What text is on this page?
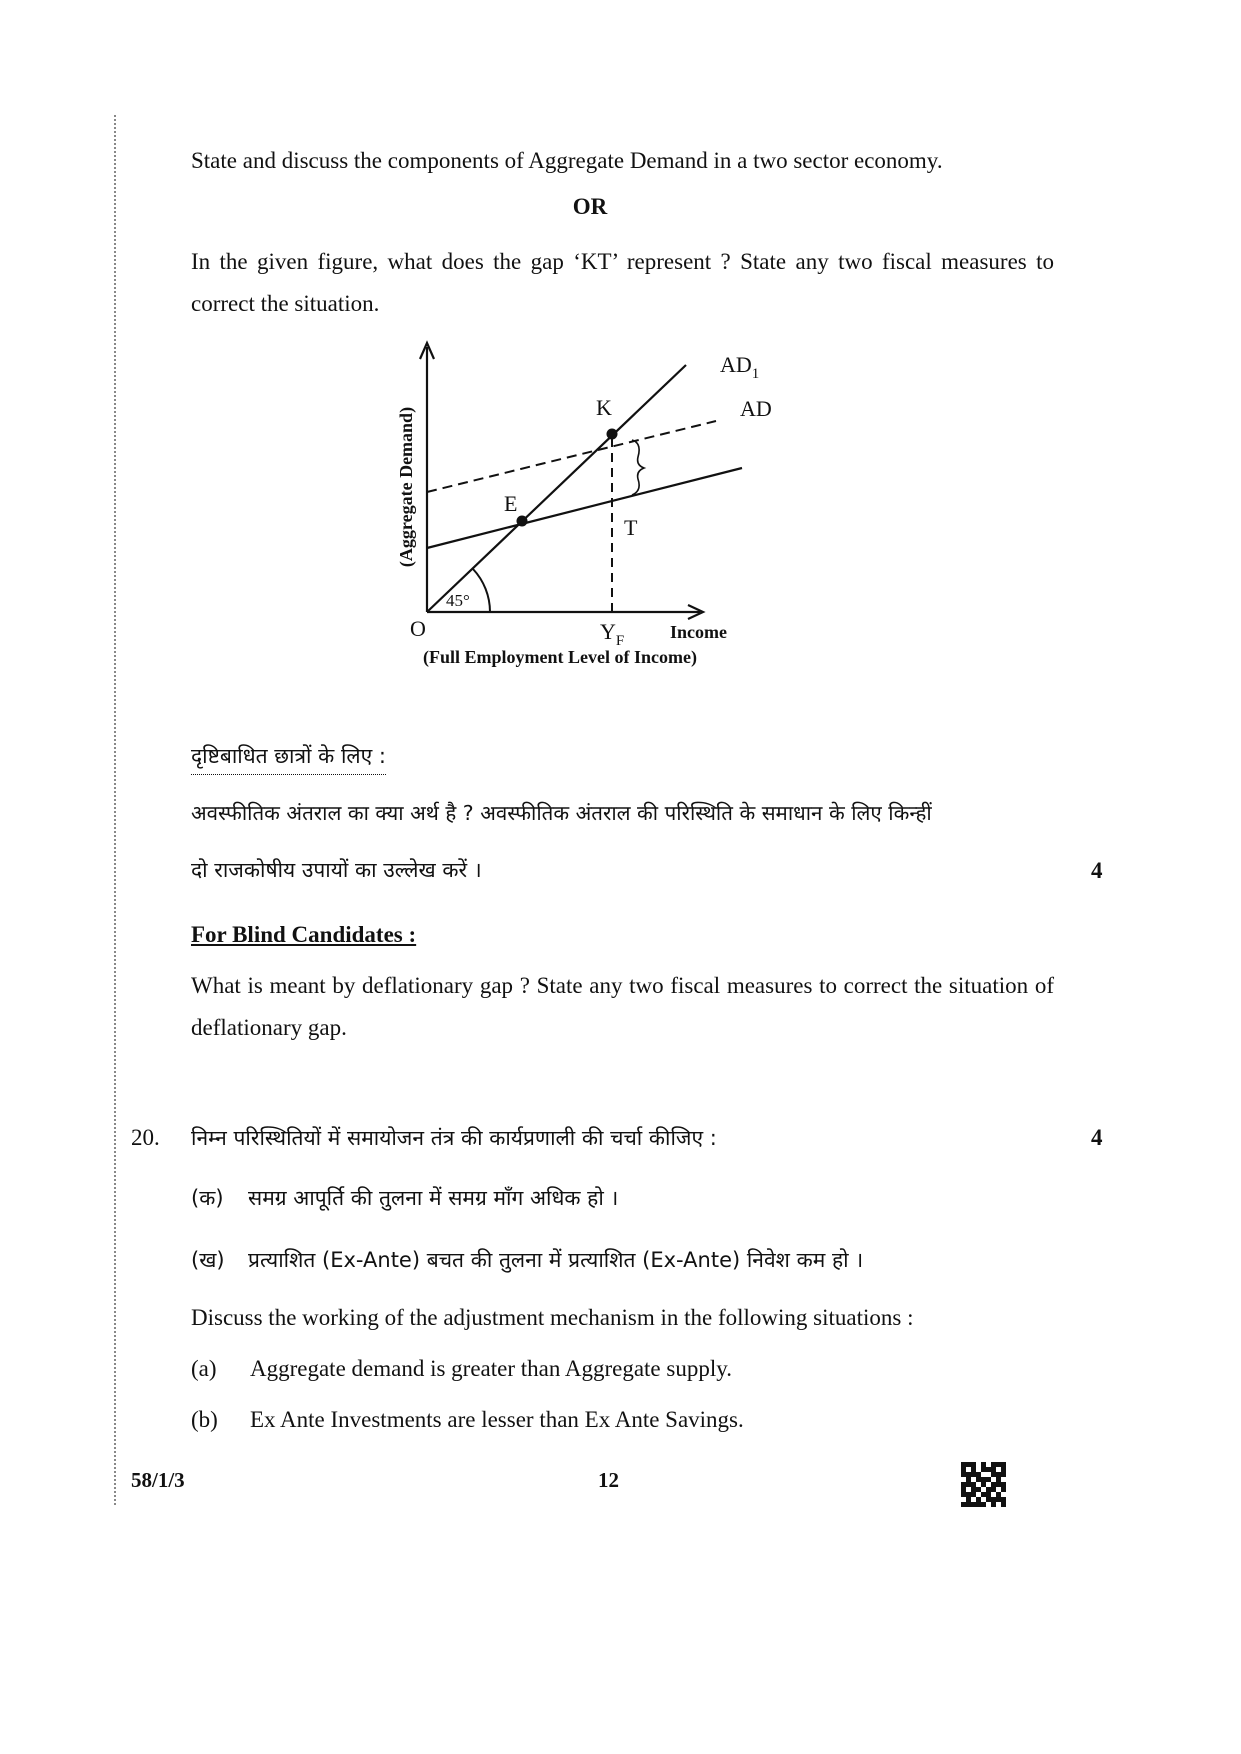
State and discuss the components of Aggregate Demand in a two sector economy.
OR
In the given figure, what does the gap ‘KT’ represent ? State any two fiscal measures to correct the situation.
K
E
T
O
45°
$Y_F$
$AD_1$
AD
Income
(Full Employment Level of Income)
(Aggregate Demand)
दृष्टिबाधित छात्रों के लिए :
अवस्फीतिक अंतराल का क्या अर्थ है ? अवस्फीतिक अंतराल की परिस्थिति के समाधान के लिए किन्हीं
दो राजकोषीय उपायों का उल्लेख करें ।	4
For Blind Candidates :
What is meant by deflationary gap ? State any two fiscal measures to correct the situation of deflationary gap.
20. निम्न परिस्थितियों में समायोजन तंत्र की कार्यप्रणाली की चर्चा कीजिए :	4
(क) समग्र आपूर्ति की तुलना में समग्र माँग अधिक हो ।
(ख) प्रत्याशित (Ex-Ante) बचत की तुलना में प्रत्याशित (Ex-Ante) निवेश कम हो ।
Discuss the working of the adjustment mechanism in the following situations :
(a) Aggregate demand is greater than Aggregate supply.
(b) Ex Ante Investments are lesser than Ex Ante Savings.
58/1/3	12
